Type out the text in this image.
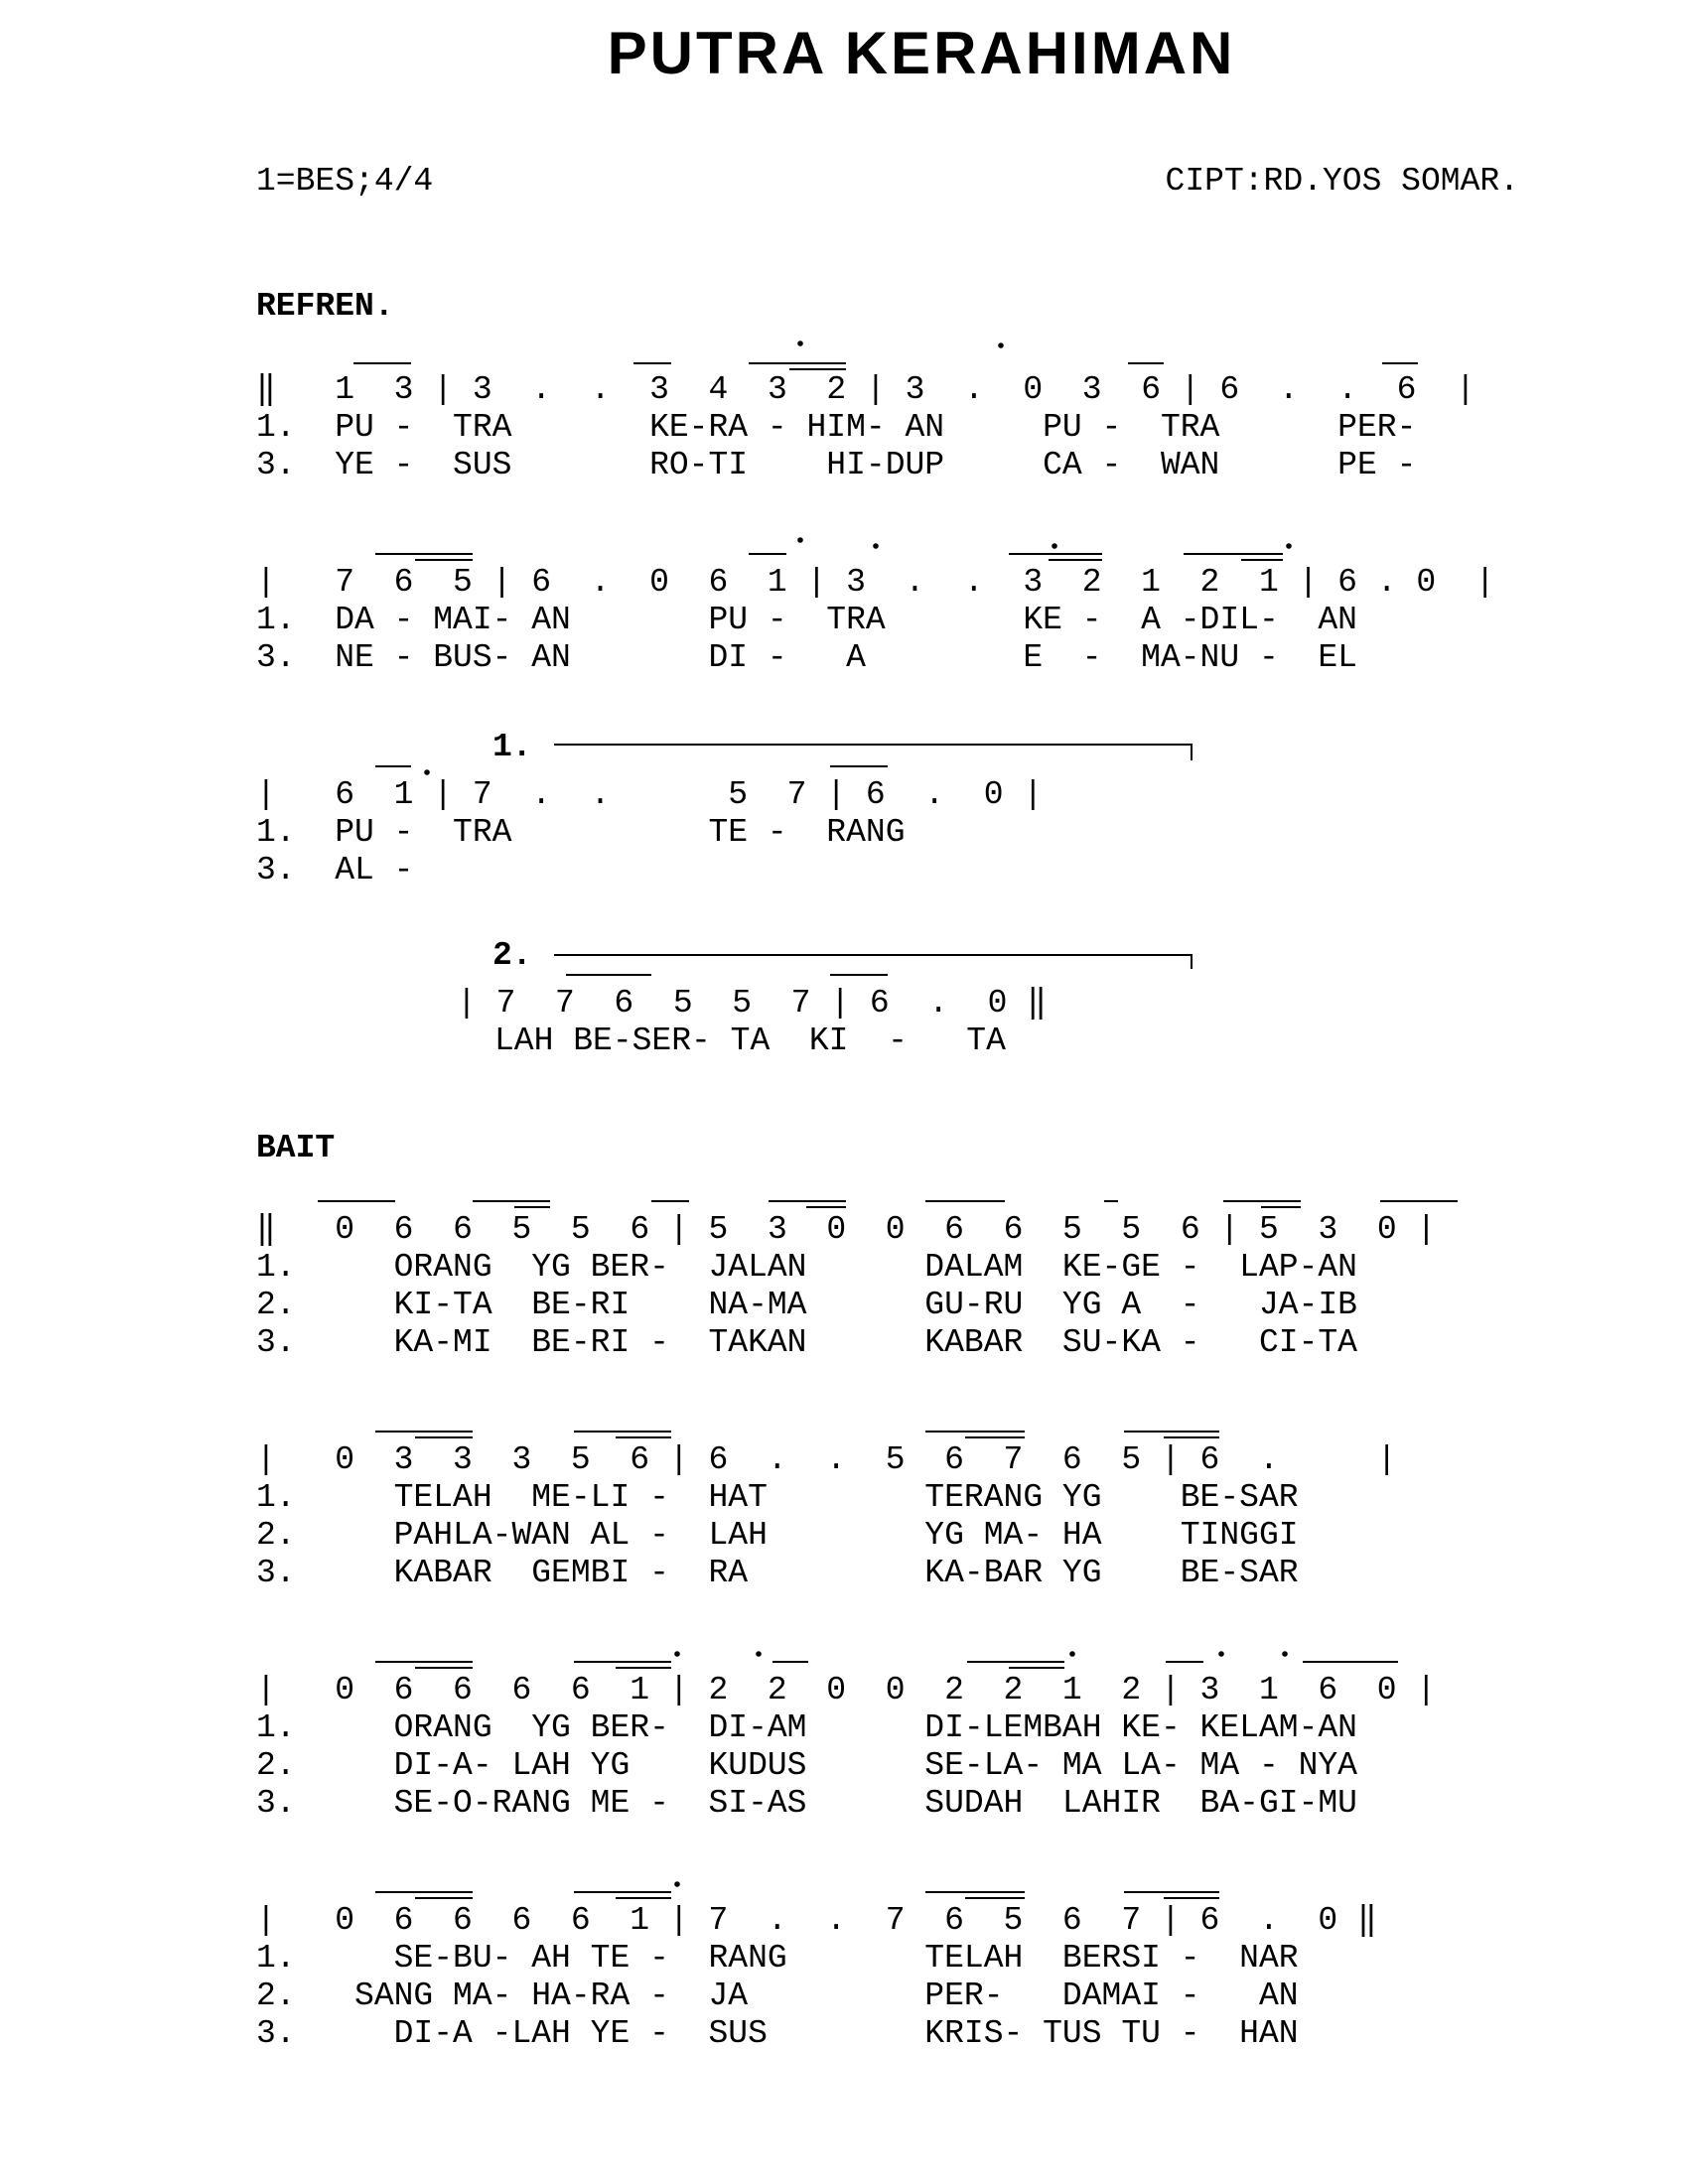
PUTRA KERAHIMAN
1=BES;4/4	CIPT:RD.YOS SOMAR.
REFREN.

‖   1  3 | 3  .  .  3  4  3  2 | 3  .  0  3  6 | 6  .  .  6  |

1.  PU -  TRA       KE-RA - HIM- AN     PU -  TRA      PER-

3.  YE -  SUS       RO-TI    HI-DUP     CA -  WAN      PE -

|   7  6  5 | 6  .  0  6  1 | 3  .  .  3  2  1  2  1 | 6 . 0  |

1.  DA - MAI- AN       PU -  TRA       KE -  A -DIL-  AN

3.  NE - BUS- AN       DI -   A        E  -  MA-NU -  EL

1.

|   6  1 | 7  .  .      5  7 | 6  .  0 |

1.  PU -  TRA          TE -  RANG

3.  AL -

2.

| 7  7  6  5  5  7 | 6  .  0 ‖

LAH BE-SER- TA  KI  -   TA

BAIT

‖   0  6  6  5  5  6 | 5  3  0  0  6  6  5  5  6 | 5  3  0 |

1.     ORANG  YG BER-  JALAN      DALAM  KE-GE -  LAP-AN

2.     KI-TA  BE-RI    NA-MA      GU-RU  YG A  -   JA-IB

3.     KA-MI  BE-RI -  TAKAN      KABAR  SU-KA -   CI-TA

|   0  3  3  3  5  6 | 6  .  .  5  6  7  6  5 | 6  .     |

1.     TELAH  ME-LI -  HAT        TERANG YG    BE-SAR

2.     PAHLA-WAN AL -  LAH        YG MA- HA    TINGGI

3.     KABAR  GEMBI -  RA         KA-BAR YG    BE-SAR

|   0  6  6  6  6  1 | 2  2  0  0  2  2  1  2 | 3  1  6  0 |

1.     ORANG  YG BER-  DI-AM      DI-LEMBAH KE- KELAM-AN

2.     DI-A- LAH YG    KUDUS      SE-LA- MA LA- MA - NYA

3.     SE-O-RANG ME -  SI-AS      SUDAH  LAHIR  BA-GI-MU

|   0  6  6  6  6  1 | 7  .  .  7  6  5  6  7 | 6  .  0 ‖

1.     SE-BU- AH TE -  RANG       TELAH  BERSI -  NAR

2.   SANG MA- HA-RA -  JA         PER-   DAMAI -   AN

3.     DI-A -LAH YE -  SUS        KRIS- TUS TU -  HAN
